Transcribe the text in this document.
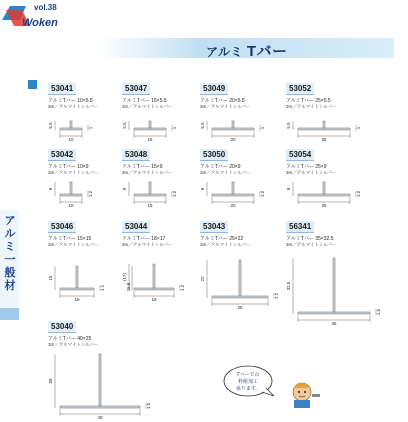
Woken
vol.38
アルミ Tバー
アルミ一般材
53041
アルミTバー 10×5.5
3m／アルマイトシルバー
10
5.5	1
53047
アルミTバー 15×5.5
3m／アルマイトシルバー
15
5.5	1
53049
アルミTバー 20×5.5
3m／アルマイトシルバー
20
5.5	1
53052
アルミTバー 25×5.5
3m／アルマイトシルバー
25
5.5	1
53042
アルミTバー 10×9
3m／アルマイトシルバー
10
9
1.2
53048
アルミTバー 15×9
3m／アルマイトシルバー
15
9
1.2
53050
アルミTバー 20×9
3m／アルマイトシルバー
20
9
1.2
53054
アルミTバー 25×9
3m／アルマイトシルバー
25
9
1.2
53046
アルミTバー 15×15
3m／アルマイトシルバー
15
15
1.1
53044
アルミTバー 18×17
3m／アルマイトシルバー
18
(17)
15.8	1.2
53043
アルミTバー 25×22
3m／アルマイトシルバー
25
22
1.2
56341
アルミTバー 35×32.5
3m／アルマイトシルバー
35
32.5
1.5
53040
アルミTバー 40×25
3m／アルマイトシルバー
40
25
1.5
Tバーでの
枠組加工
承ります。
